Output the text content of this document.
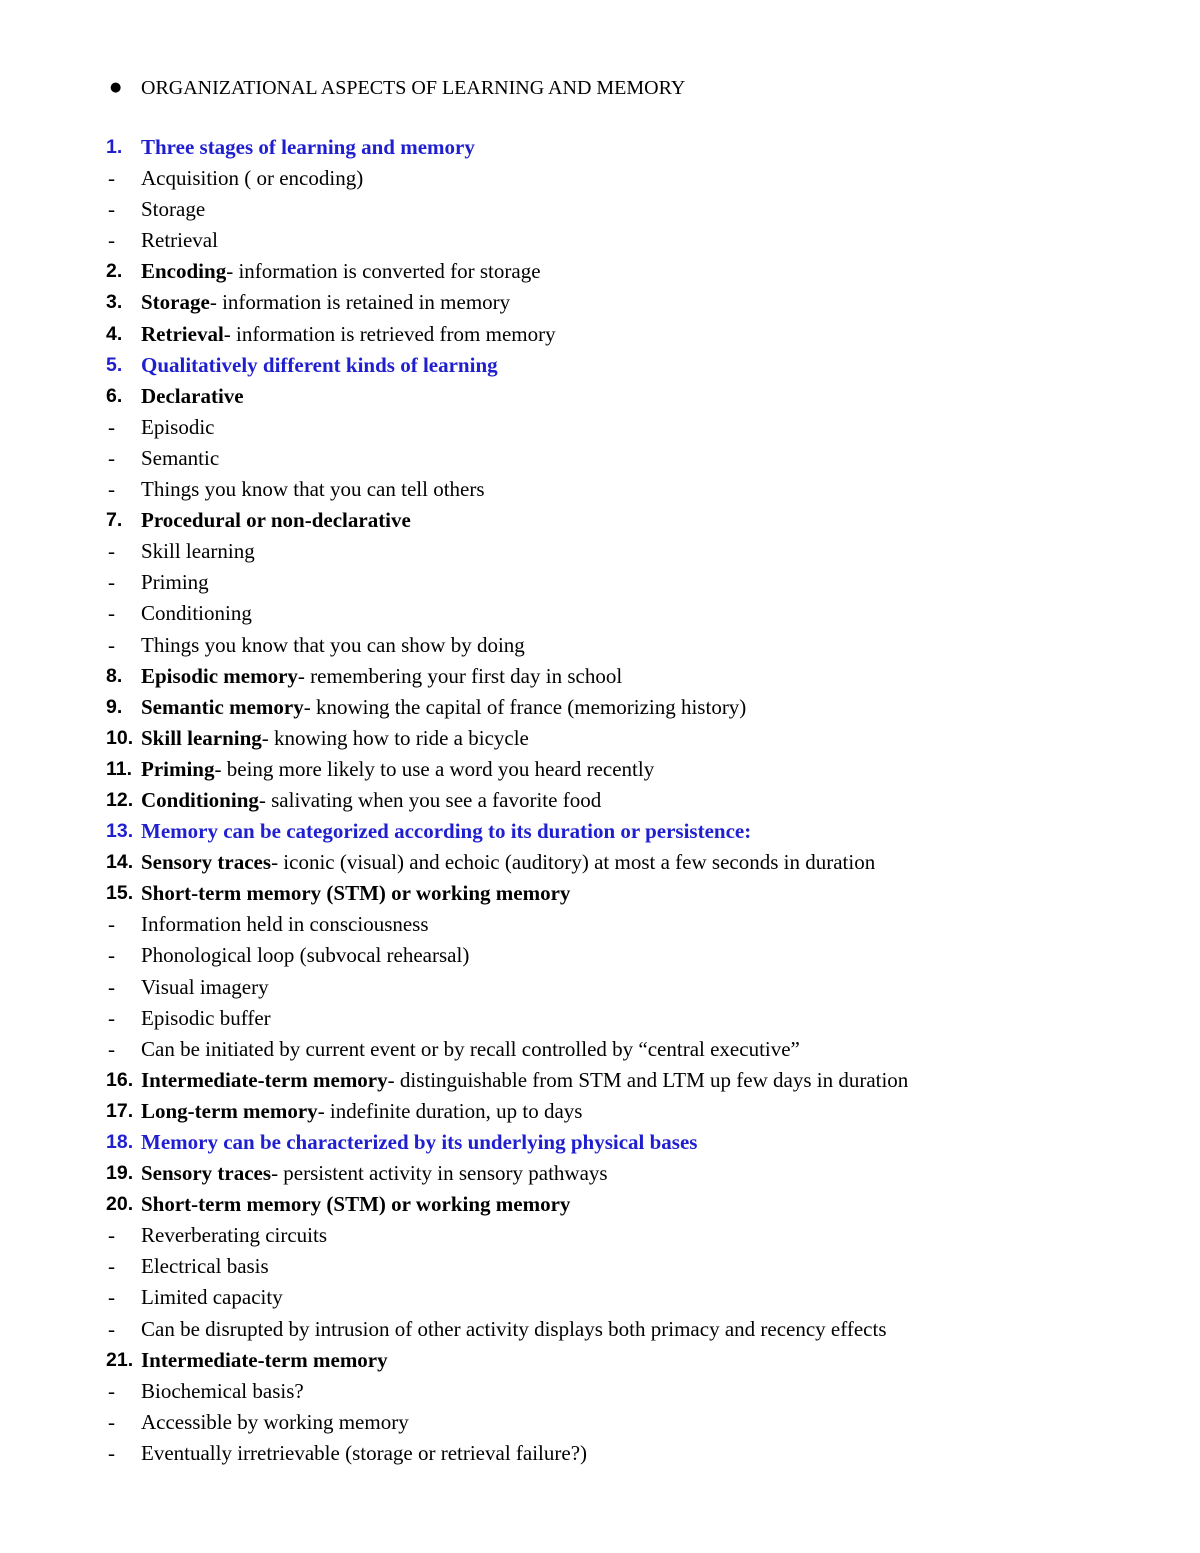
● ORGANIZATIONAL ASPECTS OF LEARNING AND MEMORY
1. Three stages of learning and memory
-	Acquisition ( or encoding)
-	Storage
-	Retrieval
2. Encoding- information is converted for storage
3. Storage- information is retained in memory
4. Retrieval- information is retrieved from memory
5. Qualitatively different kinds of learning
6. Declarative
-	Episodic
-	Semantic
-	Things you know that you can tell others
7. Procedural or non-declarative
-	Skill learning
-	Priming
-	Conditioning
-	Things you know that you can show by doing
8. Episodic memory- remembering your first day in school
9. Semantic memory- knowing the capital of france (memorizing history)
10. Skill learning- knowing how to ride a bicycle
11. Priming- being more likely to use a word you heard recently
12. Conditioning- salivating when you see a favorite food
13. Memory can be categorized according to its duration or persistence:
14. Sensory traces- iconic (visual) and echoic (auditory) at most a few seconds in duration
15. Short-term memory (STM) or working memory
-	Information held in consciousness
-	Phonological loop (subvocal rehearsal)
-	Visual imagery
-	Episodic buffer
-	Can be initiated by current event or by recall controlled by “central executive”
16. Intermediate-term memory- distinguishable from STM and LTM up few days in duration
17. Long-term memory- indefinite duration, up to days
18. Memory can be characterized by its underlying physical bases
19. Sensory traces- persistent activity in sensory pathways
20. Short-term memory (STM) or working memory
-	Reverberating circuits
-	Electrical basis
-	Limited capacity
-	Can be disrupted by intrusion of other activity displays both primacy and recency effects
21. Intermediate-term memory
-	Biochemical basis?
-	Accessible by working memory
-	Eventually irretrievable (storage or retrieval failure?)
